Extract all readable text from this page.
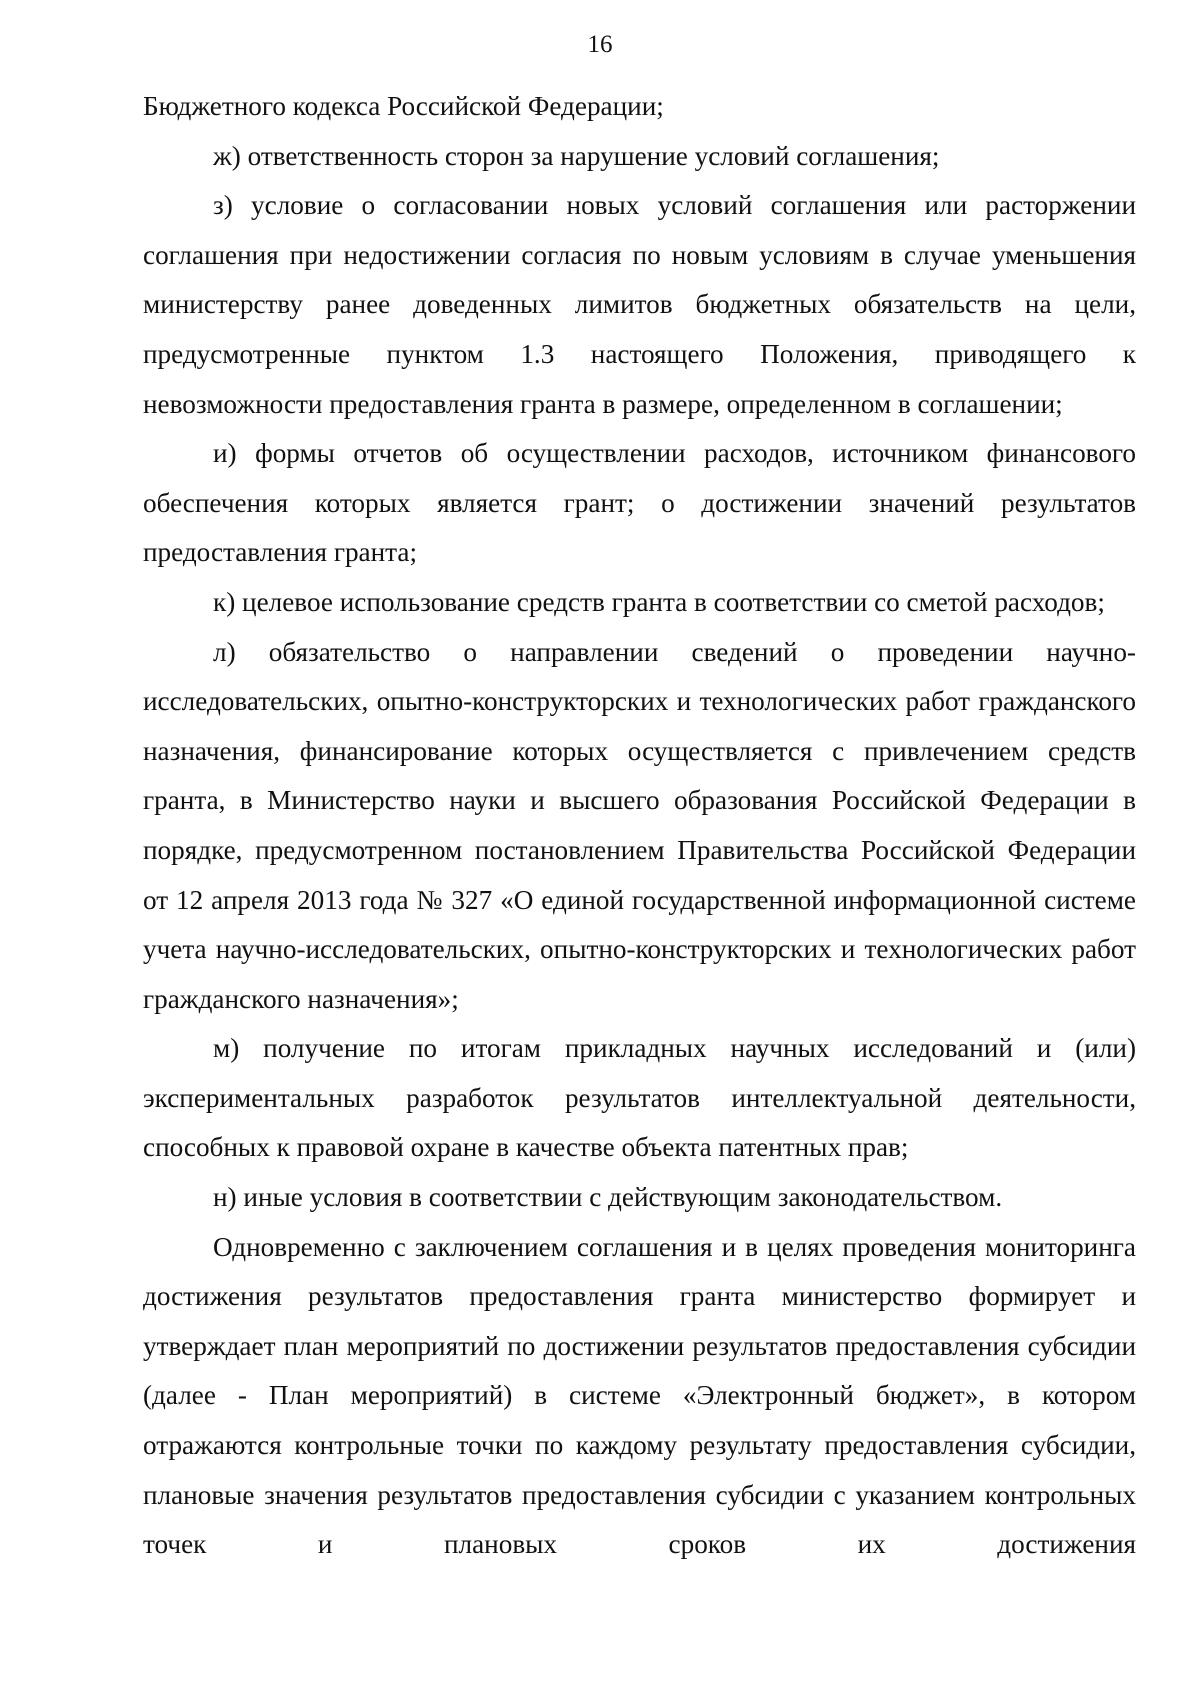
16

Бюджетного кодекса Российской Федерации;

ж) ответственность сторон за нарушение условий соглашения;

з) условие о согласовании новых условий соглашения или расторжении соглашения при недостижении согласия по новым условиям в случае уменьшения министерству ранее доведенных лимитов бюджетных обязательств на цели, предусмотренные пунктом 1.3 настоящего Положения, приводящего к невозможности предоставления гранта в размере, определенном в соглашении;

и) формы отчетов об осуществлении расходов, источником финансового обеспечения которых является грант; о достижении значений результатов предоставления гранта;

к) целевое использование средств гранта в соответствии со сметой расходов;

л) обязательство о направлении сведений о проведении научно-исследовательских, опытно-конструкторских и технологических работ гражданского назначения, финансирование которых осуществляется с привлечением средств гранта, в Министерство науки и высшего образования Российской Федерации в порядке, предусмотренном постановлением Правительства Российской Федерации от 12 апреля 2013 года № 327 «О единой государственной информационной системе учета научно-исследовательских, опытно-конструкторских и технологических работ гражданского назначения»;

м) получение по итогам прикладных научных исследований и (или) экспериментальных разработок результатов интеллектуальной деятельности, способных к правовой охране в качестве объекта патентных прав;

н) иные условия в соответствии с действующим законодательством.

Одновременно с заключением соглашения и в целях проведения мониторинга достижения результатов предоставления гранта министерство формирует и утверждает план мероприятий по достижении результатов предоставления субсидии (далее - План мероприятий) в системе «Электронный бюджет», в котором отражаются контрольные точки по каждому результату предоставления субсидии, плановые значения результатов предоставления субсидии с указанием контрольных точек и плановых сроков их достижения
